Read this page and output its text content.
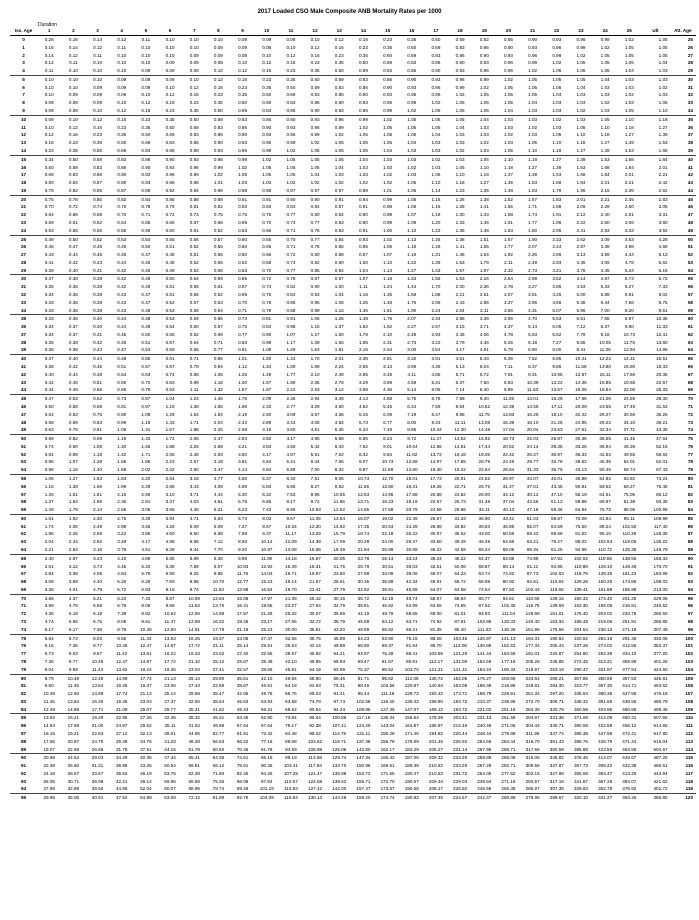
2017 Loaded CSO Male Composite ANB Mortality Rates per 1000
Duration
Iss. Age	1	2	3	4	5	6	7	8	9	10	11	12	13	14	15	16	17	18	19	20	21	22	23	24	25	Ult	Att. Age
0	0.28	0.16	0.14	0.12	0.11	0.10	0.10	0.10	0.09	0.09	0.08	0.10	0.12	0.16	0.23	0.35	0.50	0.69	0.82	0.86	0.90	0.93	0.96	0.99	1.02	1.05	25
1	0.16	0.14	0.12	0.11	0.10	0.10	0.10	0.09	0.09	0.08	0.10	0.12	0.16	0.23	0.35	0.50	0.69	0.83	0.86	0.90	0.93	0.96	0.99	1.02	1.05	1.05	26
2	0.14	0.12	0.11	0.10	0.10	0.10	0.09	0.09	0.08	0.10	0.12	0.16	0.23	0.35	0.50	0.69	0.83	0.86	0.90	0.93	0.96	0.99	1.02	1.05	1.05	1.05	27
3	0.12	0.11	0.10	0.10	0.10	0.09	0.09	0.08	0.10	0.12	0.16	0.23	0.35	0.50	0.69	0.83	0.86	0.90	0.93	0.96	0.99	1.02	1.05	1.05	1.05	1.04	28
4	0.11	0.10	0.10	0.10	0.09	0.09	0.08	0.10	0.12	0.16	0.23	0.35	0.50	0.69	0.83	0.86	0.90	0.93	0.96	0.99	1.02	1.05	1.05	1.05	1.04	1.03	29
5	0.10	0.10	0.10	0.09	0.09	0.09	0.10	0.12	0.16	0.23	0.35	0.50	0.69	0.83	0.86	0.90	0.93	0.96	0.99	1.02	1.05	1.05	1.05	1.04	1.03	1.03	30
6	0.10	0.10	0.09	0.09	0.09	0.10	0.12	0.16	0.23	0.35	0.50	0.69	0.83	0.86	0.90	0.93	0.96	0.99	1.02	1.05	1.05	1.05	1.04	1.03	1.03	1.02	31
7	0.10	0.09	0.09	0.09	0.10	0.12	0.16	0.23	0.35	0.50	0.69	0.83	0.86	0.90	0.93	0.96	0.99	1.02	1.05	1.05	1.05	1.04	1.03	1.03	1.02	1.03	32
8	0.09	0.09	0.09	0.10	0.12	0.16	0.23	0.35	0.50	0.69	0.83	0.86	0.90	0.93	0.96	0.99	1.02	1.05	1.05	1.05	1.04	1.03	1.03	1.02	1.03	1.05	33
9	0.09	0.09	0.10	0.12	0.16	0.23	0.35	0.50	0.69	0.83	0.86	0.90	0.93	0.96	0.99	1.02	1.05	1.05	1.05	1.04	1.03	1.03	1.02	1.03	1.05	1.10	34
10	0.09	0.10	0.12	0.16	0.23	0.35	0.50	0.69	0.83	0.86	0.90	0.93	0.96	0.99	1.02	1.05	1.05	1.05	1.04	1.03	1.03	1.02	1.03	1.05	1.10	1.18	35
11	0.10	0.12	0.16	0.23	0.35	0.50	0.69	0.83	0.86	0.90	0.93	0.96	0.99	1.02	1.05	1.05	1.05	1.04	1.03	1.03	1.02	1.03	1.05	1.10	1.18	1.27	36
12	0.12	0.16	0.23	0.35	0.50	0.69	0.83	0.86	0.90	0.93	0.96	0.99	1.02	1.05	1.05	1.05	1.04	1.03	1.03	1.02	1.03	1.05	1.10	1.18	1.27	1.39	37
13	0.16	0.23	0.35	0.50	0.69	0.83	0.86	0.90	0.93	0.96	0.99	1.02	1.05	1.05	1.05	1.04	1.03	1.03	1.02	1.03	1.05	1.10	1.18	1.27	1.39	1.53	38
14	0.23	0.35	0.50	0.69	0.83	0.86	0.90	0.93	0.96	0.99	1.02	1.05	1.05	1.05	1.04	1.03	1.03	1.02	1.03	1.05	1.10	1.18	1.27	1.39	1.53	1.68	39
15	0.34	0.50	0.69	0.83	0.86	0.90	0.93	0.96	0.99	1.02	1.05	1.05	1.05	1.04	1.03	1.03	1.02	1.03	1.05	1.10	1.18	1.27	1.39	1.53	1.68	1.84	40
16	0.50	0.69	0.83	0.86	0.90	0.93	0.96	0.99	1.02	1.05	1.05	1.05	1.04	1.03	1.03	1.02	1.03	1.05	1.10	1.18	1.27	1.39	1.53	1.68	1.84	2.01	41
17	0.69	0.83	0.86	0.90	0.93	0.96	0.99	1.02	1.05	1.05	1.05	1.04	1.03	1.03	1.02	1.03	1.05	1.10	1.18	1.27	1.39	1.53	1.68	1.84	2.01	2.21	42
18	0.80	0.84	0.87	0.90	0.93	0.96	0.98	1.01	1.03	1.03	1.02	1.02	1.02	1.02	1.02	1.05	1.10	1.18	1.27	1.39	1.53	1.68	1.84	2.01	2.21	2.42	43
19	0.79	0.82	0.85	0.87	0.89	0.92	0.94	0.96	0.98	0.98	0.97	0.97	0.97	0.98	1.01	1.06	1.14	1.23	1.35	1.48	1.63	1.79	1.96	2.15	2.36	2.62	44
20	0.75	0.78	0.80	0.82	0.84	0.86	0.88	0.89	0.91	0.91	0.90	0.90	0.91	0.94	0.99	1.06	1.15	1.26	1.38	1.52	1.67	1.83	2.01	2.21	2.45	2.83	45
21	0.70	0.72	0.74	0.76	0.78	0.79	0.81	0.82	0.83	0.83	0.83	0.84	0.87	0.91	0.98	1.06	1.16	1.28	1.41	1.55	1.71	1.88	2.06	2.29	2.60	3.05	46
22	0.64	0.66	0.68	0.70	0.71	0.72	0.73	0.75	0.76	0.76	0.77	0.80	0.84	0.90	0.98	1.07	1.18	1.30	1.43	1.58	1.74	1.91	2.12	2.40	2.81	3.31	47
23	0.59	0.61	0.62	0.64	0.65	0.66	0.67	0.68	0.69	0.70	0.73	0.77	0.83	0.90	0.99	1.09	1.20	1.33	1.46	1.61	1.77	1.96	2.22	2.60	3.06	3.60	48
24	0.53	0.55	0.56	0.58	0.59	0.60	0.61	0.62	0.63	0.66	0.71	0.76	0.83	0.91	1.00	1.10	1.22	1.35	1.48	1.63	1.80	2.05	2.41	2.83	3.33	3.92	49
25	0.49	0.50	0.52	0.53	0.54	0.55	0.56	0.57	0.60	0.65	0.70	0.77	0.84	0.93	1.02	1.13	1.25	1.38	1.51	1.67	1.90	2.23	2.62	3.09	3.63	4.28	50
26	0.46	0.47	0.48	0.49	0.50	0.51	0.52	0.55	0.60	0.65	0.71	0.78	0.86	0.95	1.05	1.16	1.28	1.41	1.55	1.77	2.07	2.44	2.87	3.38	3.98	4.68	51
27	0.43	0.44	0.45	0.46	0.47	0.48	0.51	0.55	0.60	0.66	0.72	0.80	0.88	0.97	1.07	1.19	1.31	1.45	1.64	1.92	2.26	2.66	3.13	3.69	4.34	5.13	52
28	0.41	0.42	0.43	0.44	0.45	0.48	0.52	0.56	0.62	0.68	0.74	0.82	0.90	1.00	1.10	1.22	1.35	1.53	1.79	2.11	2.49	2.93	3.45	4.06	4.78	5.62	53
29	0.39	0.40	0.41	0.42	0.45	0.49	0.53	0.58	0.63	0.70	0.77	0.85	0.94	1.04	1.14	1.27	1.43	1.67	1.97	2.32	2.73	3.21	3.78	4.45	5.24	6.15	54
30	0.37	0.38	0.39	0.42	0.46	0.50	0.54	0.59	0.65	0.72	0.79	0.87	0.97	1.07	1.18	1.33	1.55	1.83	2.16	2.54	2.99	3.52	4.14	4.87	5.73	6.72	55
31	0.35	0.36	0.39	0.42	0.46	0.51	0.55	0.61	0.67	0.74	0.82	0.90	1.00	1.11	1.24	1.44	1.70	2.00	2.36	2.78	3.27	3.85	4.53	5.33	6.27	7.33	56
32	0.34	0.36	0.39	0.43	0.47	0.51	0.56	0.62	0.69	0.76	0.84	0.93	1.04	1.16	1.35	1.59	1.88	2.21	2.61	3.07	3.61	4.25	5.00	5.88	6.91	8.02	57
33	0.33	0.36	0.39	0.43	0.47	0.52	0.57	0.63	0.70	0.78	0.86	0.96	1.08	1.25	1.48	1.75	2.06	2.43	2.86	3.37	3.96	4.66	5.48	6.44	7.56	8.76	58
34	0.33	0.36	0.39	0.43	0.48	0.53	0.58	0.64	0.71	0.79	0.88	0.99	1.15	1.36	1.61	1.90	2.24	2.64	3.11	3.66	4.31	5.07	5.96	7.00	8.20	9.51	59
35	0.33	0.36	0.40	0.44	0.48	0.53	0.59	0.65	0.73	0.81	0.91	1.06	1.25	1.48	1.75	2.07	2.44	2.88	3.39	3.99	4.70	5.53	6.51	7.65	8.97	10.36	60
36	0.34	0.37	0.40	0.44	0.49	0.54	0.60	0.67	0.75	0.84	0.98	1.16	1.37	1.62	1.92	2.27	2.67	3.15	3.71	4.37	5.14	6.05	7.12	8.37	9.80	11.33	61
37	0.34	0.37	0.41	0.45	0.50	0.55	0.62	0.69	0.77	0.90	1.07	1.27	1.50	1.78	2.10	2.48	2.93	3.45	4.06	4.78	5.63	6.62	7.79	9.16	10.73	12.41	62
38	0.35	0.38	0.42	0.46	0.51	0.57	0.64	0.71	0.83	0.99	1.17	1.39	1.65	1.95	2.31	2.73	3.22	3.79	4.46	5.25	6.18	7.27	8.55	10.05	11.76	13.60	63
39	0.36	0.39	0.43	0.47	0.53	0.59	0.66	0.77	0.91	1.08	1.29	1.53	1.81	2.15	2.54	3.00	3.54	4.17	4.91	5.78	6.80	8.00	9.41	11.06	12.94	14.95	64
40	0.37	0.40	0.44	0.49	0.55	0.61	0.71	0.85	1.01	1.20	1.43	1.70	2.01	2.38	2.81	3.32	3.91	4.61	5.43	6.39	7.52	8.85	10.41	12.23	14.31	16.51	65
41	0.38	0.42	0.46	0.51	0.57	0.67	0.79	0.94	1.12	1.34	1.59	1.89	2.24	2.65	3.13	3.69	4.35	5.13	6.04	7.11	8.37	9.85	11.58	13.60	15.90	18.33	66
42	0.40	0.44	0.48	0.54	0.63	0.74	0.88	1.05	1.25	1.49	1.77	2.10	2.49	2.95	3.48	4.11	4.85	5.71	6.72	7.91	9.31	10.95	12.87	15.11	17.66	20.35	67
43	0.42	0.46	0.51	0.59	0.70	0.83	0.99	1.18	1.40	1.67	1.98	2.35	2.78	3.29	3.89	4.59	5.41	6.37	7.50	8.83	10.39	12.22	14.36	16.85	19.68	22.67	68
44	0.44	0.49	0.56	0.66	0.78	0.93	1.11	1.32	1.57	1.87	2.22	2.63	3.12	3.69	4.36	5.14	6.06	7.14	8.40	9.89	11.63	13.67	16.06	18.84	22.00	25.33	69
45	0.47	0.53	0.62	0.73	0.87	1.04	1.24	1.48	1.76	2.09	2.48	2.94	3.49	4.13	4.88	5.75	6.78	7.99	9.40	11.06	13.01	15.29	17.96	21.06	24.59	28.30	70
46	0.50	0.58	0.68	0.81	0.97	1.16	1.38	1.65	1.96	2.33	2.77	3.29	3.90	4.62	5.46	6.44	7.59	8.94	10.52	12.38	14.56	17.11	20.09	23.55	27.49	31.63	71
47	0.54	0.63	0.75	0.90	1.08	1.29	1.54	1.84	2.19	2.60	3.09	3.67	4.35	5.15	6.09	7.19	8.47	9.98	11.75	13.83	16.26	19.10	22.42	26.27	30.66	35.26	72
48	0.58	0.69	0.83	0.99	1.19	1.43	1.71	2.04	2.43	2.89	3.44	4.08	4.84	5.73	6.77	8.00	9.43	11.11	13.08	15.39	18.10	21.26	24.95	29.23	34.10	39.21	73
49	0.63	0.76	0.91	1.09	1.31	1.57	1.88	2.25	2.68	3.19	3.80	4.51	5.35	6.34	7.49	8.85	10.44	12.30	14.48	17.04	20.04	23.53	27.61	32.34	37.71	43.35	74
50	0.68	0.82	0.99	1.19	1.43	1.72	2.06	2.47	2.94	3.50	4.17	4.95	5.88	6.96	8.23	9.72	11.47	13.52	15.92	18.73	22.03	25.87	30.36	35.55	41.45	47.64	75
51	0.74	0.90	1.08	1.30	1.56	1.88	2.25	2.69	3.21	3.83	4.56	5.42	6.43	7.62	9.01	10.64	12.56	14.81	17.44	20.52	24.14	28.35	33.26	38.94	45.39	52.16	76
52	0.81	0.98	1.18	1.42	1.71	2.05	2.45	2.93	3.50	4.17	4.97	5.91	7.02	8.32	9.84	11.62	13.72	16.18	19.05	22.42	26.37	30.97	36.33	42.53	49.55	56.92	77
53	0.88	1.07	1.29	1.55	1.86	2.23	2.67	3.19	3.81	4.54	5.41	6.44	7.65	9.07	10.73	12.68	14.97	17.65	20.79	24.46	28.77	33.78	39.62	46.36	54.01	62.01	78
54	0.96	1.16	1.40	1.68	2.02	2.42	2.90	3.47	4.14	4.94	5.88	7.00	8.32	9.87	11.68	13.80	16.30	19.22	22.64	26.64	31.33	36.79	43.13	50.45	58.74	67.43	79
55	1.05	1.27	1.53	1.83	2.20	2.64	3.16	3.77	4.50	5.37	6.40	7.61	9.05	10.73	12.70	15.01	17.73	20.91	24.62	28.97	34.07	40.01	46.89	54.83	63.82	73.24	80
56	1.15	1.38	1.66	1.99	2.39	2.86	3.43	4.09	4.89	5.83	6.95	8.27	9.83	11.66	13.80	16.31	19.26	22.71	26.75	31.47	37.01	43.45	50.91	59.52	69.27	79.48	81
57	1.26	1.51	1.81	2.16	2.59	3.10	3.71	4.44	5.30	6.32	7.53	8.96	10.65	12.63	14.95	17.68	20.88	24.62	29.00	34.12	40.12	47.10	55.19	64.51	75.05	86.12	82
58	1.37	1.64	1.96	2.35	2.81	3.37	4.03	4.81	5.75	6.86	8.17	9.72	11.56	13.71	16.23	19.19	22.67	26.73	31.48	37.04	43.56	51.12	59.88	69.97	81.38	93.35	83
59	1.49	1.78	2.13	2.55	3.05	3.65	4.36	5.21	6.23	7.43	8.85	10.53	12.52	14.85	17.58	20.79	24.56	28.96	34.11	40.13	47.18	55.36	64.84	75.73	88.05	100.96	84
60	1.61	1.92	2.30	2.75	3.29	3.94	4.71	5.63	6.73	8.03	9.57	11.39	13.54	16.07	19.02	22.49	26.57	31.33	36.90	43.41	51.03	59.87	70.09	81.84	95.11	108.99	85
61	1.74	2.08	2.49	2.98	3.56	4.26	5.09	6.09	7.27	8.67	10.34	12.30	14.62	17.35	20.54	24.28	28.68	33.82	39.83	46.85	55.07	64.59	75.60	88.24	102.50	117.40	86
62	1.88	2.25	2.69	3.22	3.85	4.60	5.50	6.58	7.86	9.37	11.17	13.29	15.79	18.74	22.18	26.22	30.97	36.52	43.00	50.56	59.42	69.68	81.52	95.10	110.39	126.35	87
63	2.04	2.44	2.92	3.49	4.17	4.98	5.95	7.12	8.50	10.14	12.09	14.38	17.09	20.28	24.00	28.37	33.50	39.49	46.49	54.66	64.21	75.27	88.02	102.64	119.08	136.22	88
64	2.21	2.64	3.16	3.78	4.51	5.39	6.44	7.70	9.20	10.97	13.08	15.56	18.49	21.94	25.96	30.68	36.22	42.69	50.24	59.05	69.34	81.25	94.99	110.72	128.39	146.79	89
65	2.40	2.87	3.43	4.10	4.89	5.85	6.99	8.35	9.98	11.90	14.18	16.87	20.05	23.78	28.14	33.24	39.24	46.22	54.37	63.88	74.98	87.82	102.62	119.55	138.55	158.33	90
66	2.61	3.12	3.73	4.45	5.32	6.35	7.59	9.07	10.83	12.92	15.39	18.31	21.75	25.79	30.51	36.03	42.51	50.06	58.87	69.14	81.11	94.95	110.89	129.10	149.49	170.70	91
67	2.84	3.39	4.05	4.84	5.78	6.90	8.25	9.85	11.76	14.03	16.71	19.87	23.60	27.98	33.09	39.06	46.07	54.23	63.74	74.82	87.73	102.63	119.78	139.35	161.23	183.96	92
68	3.09	3.69	4.40	5.26	6.28	7.50	8.96	10.70	12.77	15.23	18.14	21.57	25.61	30.35	35.88	42.34	49.91	58.72	68.98	80.92	94.81	110.84	129.26	150.25	173.69	198.03	93
69	3.36	4.01	4.79	5.72	6.83	8.16	9.74	11.63	13.88	16.54	19.70	23.41	27.79	32.92	38.91	45.89	54.07	63.58	74.64	87.50	102.44	119.65	139.41	161.89	186.98	213.00	94
70	3.66	4.37	5.21	6.22	7.43	8.87	10.59	12.64	15.08	17.97	21.39	25.42	30.16	35.72	42.19	49.74	58.57	68.84	80.77	94.61	110.68	129.15	150.32	174.40	201.25	229.06	95
71	3.99	4.76	5.68	6.78	8.09	9.66	11.53	13.76	16.41	19.55	23.27	27.64	32.79	38.81	45.82	53.99	63.55	74.65	87.52	102.45	119.75	139.59	162.30	188.08	216.81	246.52	96
72	4.35	5.19	6.19	7.39	8.82	10.52	12.56	14.98	17.87	21.28	25.32	30.07	35.66	42.19	49.79	58.65	69.00	81.01	94.93	111.04	129.68	151.01	175.40	203.02	233.76	265.50	97
73	4.74	5.66	6.75	8.05	9.61	11.47	13.68	16.32	19.46	23.17	27.56	32.72	38.79	45.88	54.12	63.71	74.92	87.91	102.95	120.33	140.40	163.34	189.49	219.06	251.91	285.85	98
74	5.17	6.17	7.36	8.78	10.48	12.50	14.91	17.78	21.19	25.23	30.00	35.61	42.20	49.89	58.82	69.21	81.35	95.40	111.63	130.36	151.96	176.56	204.54	236.13	271.18	307.49	99
75	5.64	6.73	8.03	9.58	11.43	13.63	16.25	19.37	23.08	27.47	32.65	38.75	45.89	54.23	63.90	75.16	88.28	103.46	120.97	141.13	164.31	190.64	220.52	254.18	291.48	330.05	100
76	6.16	7.35	8.77	10.46	12.47	14.87	17.72	21.11	25.14	29.91	35.53	42.14	49.88	58.90	69.37	81.54	95.70	112.06	130.89	152.53	177.34	205.44	237.26	273.02	312.55	353.37	101
77	6.73	8.03	9.57	11.42	13.61	16.22	19.33	23.02	27.40	32.58	38.67	45.82	54.21	63.97	75.28	88.41	103.65	121.25	141.44	164.56	191.01	220.87	254.60	292.39	334.10	377.20	102
78	7.35	8.77	10.46	12.47	14.87	17.72	21.10	25.12	29.87	35.49	42.10	49.85	58.93	69.47	81.67	95.81	112.17	131.00	152.55	177.18	205.26	236.85	272.45	312.21	355.99	401.26	103
79	8.04	9.59	11.43	13.62	16.24	19.35	23.04	27.41	32.57	38.66	45.81	54.19	63.99	75.37	88.52	103.70	121.21	141.31	164.24	190.34	219.97	253.19	290.47	331.97	377.54	424.60	104
80	8.79	10.48	12.49	14.89	17.74	21.13	25.14	29.90	35.51	42.10	49.84	58.90	69.46	81.71	95.82	112.06	130.72	152.05	176.27	203.69	234.64	269.21	307.85	350.69	397.52	445.81	105
81	9.60	11.45	13.64	16.25	19.37	23.06	27.43	32.59	38.67	45.81	54.18	63.93	75.31	88.46	103.56	120.87	140.64	163.08	188.39	216.86	248.81	284.30	323.77	367.30	414.71	463.52	106
82	10.49	12.50	14.89	17.74	21.13	25.14	29.88	35.47	42.05	49.76	58.76	69.23	81.41	95.44	111.46	129.72	150.42	173.71	199.79	228.91	261.34	297.20	336.84	380.36	427.58	476.18	107
83	11.45	13.64	16.25	19.35	23.03	27.37	32.50	38.54	45.63	53.93	63.58	74.78	87.74	102.58	119.40	138.42	159.80	183.72	210.37	239.96	272.70	308.71	348.32	391.66	438.56	486.79	108
84	12.49	14.88	17.71	21.09	25.07	29.77	35.31	41.82	49.43	58.31	68.62	80.54	94.24	109.85	127.39	147.07	169.12	193.72	221.02	251.18	284.39	320.76	360.59	403.95	450.68	498.46	109
85	13.62	16.21	19.29	22.95	27.26	32.35	38.32	45.31	53.45	62.90	73.84	86.44	100.86	117.15	135.34	155.64	178.29	203.41	231.13	261.59	294.97	331.38	371.06	414.09	460.31	507.55	110
86	14.84	17.66	21.00	24.97	29.62	35.11	41.52	48.99	57.64	67.64	79.17	92.38	107.41	124.29	143.04	163.87	186.97	212.46	240.46	271.05	304.44	340.71	380.06	422.58	468.12	514.65	111
87	16.15	19.21	22.83	27.12	32.13	38.01	44.85	52.77	61.91	72.42	84.48	98.22	113.75	131.11	150.28	171.46	194.82	220.44	248.44	278.88	311.96	347.74	386.38	427.98	472.41	517.80	112
88	17.56	20.87	24.79	29.39	34.76	41.03	48.28	56.63	66.22	77.18	89.68	103.82	119.71	137.38	156.78	178.09	201.46	226.92	254.56	284.44	316.70	351.43	388.76	428.78	471.44	515.04	113
89	19.07	22.65	26.86	31.79	37.51	44.15	51.78	60.50	70.46	81.78	94.59	108.98	125.05	142.80	162.17	183.29	206.27	231.14	257.95	286.71	317.56	350.58	385.88	423.56	463.58	504.57	114
90	20.68	24.52	29.03	34.29	40.35	47.34	55.31	64.35	74.61	86.19	99.19	113.68	129.74	147.34	166.42	187.06	209.32	233.26	258.85	286.08	315.05	345.82	378.46	413.07	449.67	487.25	115
91	22.38	26.50	31.31	36.88	43.25	50.54	58.81	68.12	78.61	90.35	103.41	117.84	133.70	150.96	169.51	189.38	210.62	233.25	257.29	282.71	309.56	337.87	367.73	399.22	432.38	466.51	116
92	24.18	28.57	33.67	39.53	46.19	53.76	62.28	71.80	82.45	94.25	107.25	121.47	136.98	153.72	171.55	190.47	210.53	231.72	254.05	277.52	302.15	327.98	355.06	383.47	413.28	443.94	117
93	26.05	30.71	36.08	42.21	49.14	56.96	65.69	75.36	86.08	97.84	110.67	124.58	139.62	155.71	172.70	190.57	209.34	229.03	249.64	271.18	293.67	317.16	341.67	367.28	394.07	421.62	118
94	27.98	32.88	38.50	44.88	52.04	60.07	68.96	78.74	89.49	101.19	113.83	127.42	142.00	157.47	173.67	190.56	208.17	226.50	245.56	265.38	285.97	307.38	329.63	352.78	376.92	401.72	119
95	29.95	35.06	40.91	47.52	54.89	63.09	72.12	81.99	92.76	104.39	116.84	130.13	144.28	159.20	174.74	190.82	207.45	224.67	242.47	260.89	279.95	299.67	320.10	341.27	363.26	385.80	120
